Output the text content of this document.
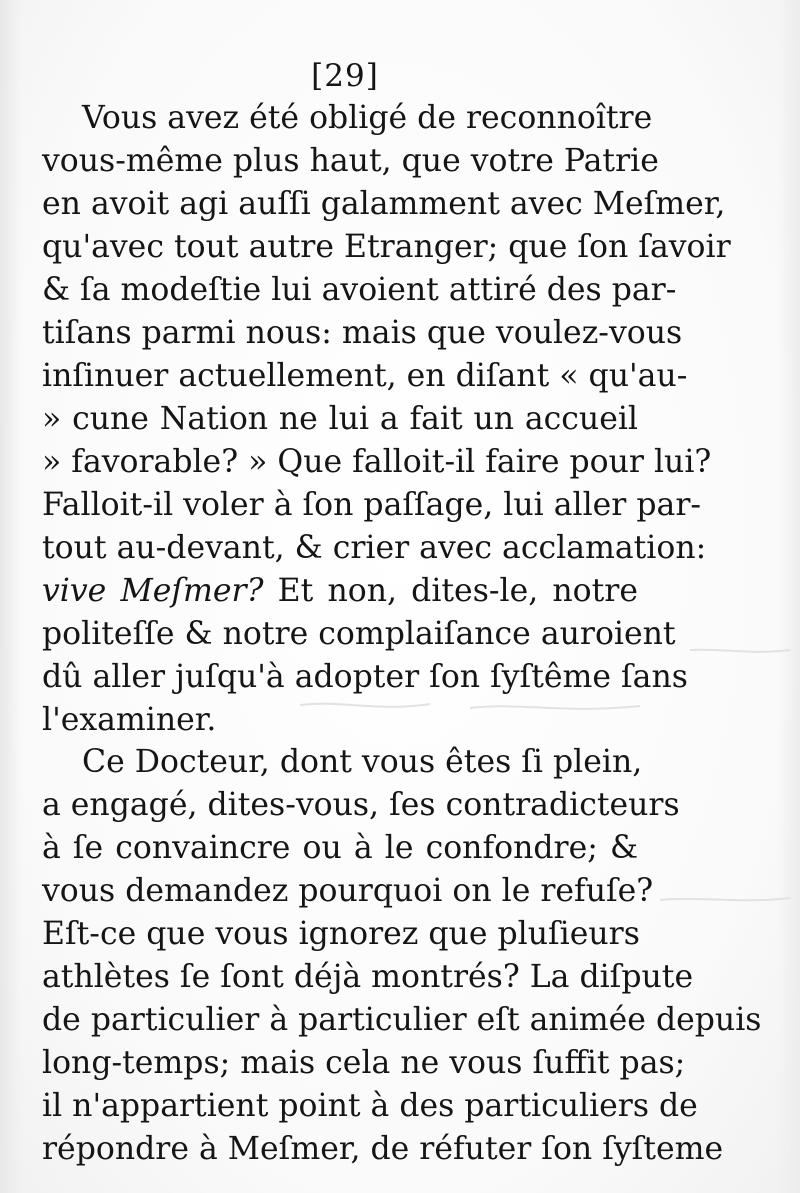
[29]
Vous avez été obligé de reconnoître
vous-même plus haut, que votre Patrie
en avoit agi auſſi galamment avec Meſmer,
qu'avec tout autre Etranger; que ſon ſavoir
& ſa modeſtie lui avoient attiré des par-
tiſans parmi nous: mais que voulez-vous
inſinuer actuellement, en diſant « qu'au-
» cune Nation ne lui a fait un accueil
» favorable? » Que falloit-il faire pour lui?
Falloit-il voler à ſon paſſage, lui aller par-
tout au-devant, & crier avec acclamation:
vive Meſmer? Et non, dites-le, notre
politeſſe & notre complaiſance auroient
dû aller juſqu'à adopter ſon ſyſtême ſans
l'examiner.
Ce Docteur, dont vous êtes ſi plein,
a engagé, dites-vous, ſes contradicteurs
à ſe convaincre ou à le confondre; &
vous demandez pourquoi on le refuſe?
Eſt-ce que vous ignorez que pluſieurs
athlètes ſe ſont déjà montrés? La diſpute
de particulier à particulier eſt animée depuis
long-temps; mais cela ne vous ſuffit pas;
il n'appartient point à des particuliers de
répondre à Meſmer, de réfuter ſon ſyſteme
